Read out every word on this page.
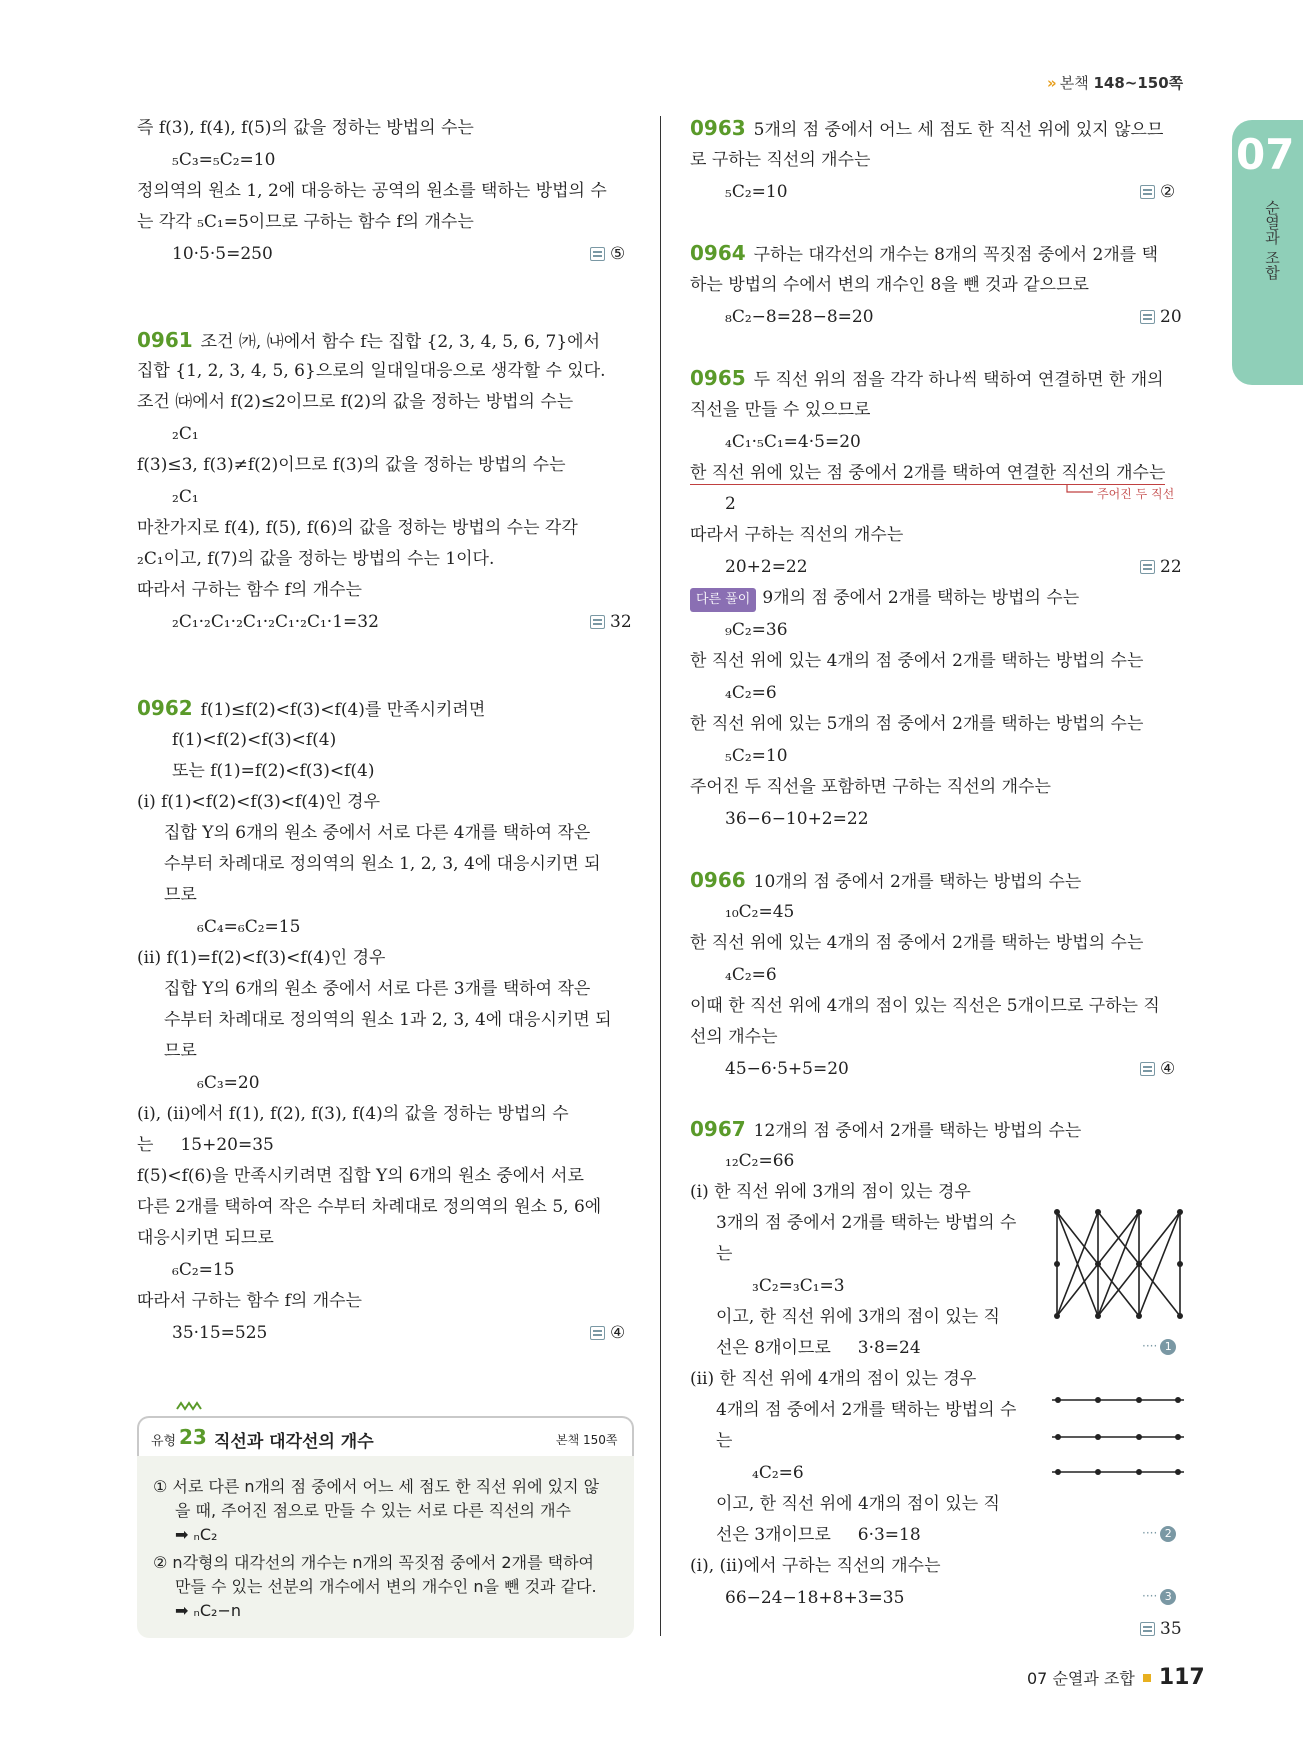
» 본책 148~150쪽
07
순열과 조합
즉 f(3), f(4), f(5)의 값을 정하는 방법의 수는
₅C₃=₅C₂=10
정의역의 원소 1, 2에 대응하는 공역의 원소를 택하는 방법의 수
는 각각 ₅C₁=5이므로 구하는 함수 f의 개수는
10·5·5=250	⑤
0961 조건 ㈎, ㈏에서 함수 f는 집합 {2, 3, 4, 5, 6, 7}에서
집합 {1, 2, 3, 4, 5, 6}으로의 일대일대응으로 생각할 수 있다.
조건 ㈐에서 f(2)≤2이므로 f(2)의 값을 정하는 방법의 수는
₂C₁
f(3)≤3, f(3)≠f(2)이므로 f(3)의 값을 정하는 방법의 수는
₂C₁
마찬가지로 f(4), f(5), f(6)의 값을 정하는 방법의 수는 각각
₂C₁이고, f(7)의 값을 정하는 방법의 수는 1이다.
따라서 구하는 함수 f의 개수는
₂C₁·₂C₁·₂C₁·₂C₁·₂C₁·1=32	32
0962 f(1)≤f(2)<f(3)<f(4)를 만족시키려면
f(1)<f(2)<f(3)<f(4)
또는 f(1)=f(2)<f(3)<f(4)
(ⅰ) f(1)<f(2)<f(3)<f(4)인 경우
집합 Y의 6개의 원소 중에서 서로 다른 4개를 택하여 작은
수부터 차례대로 정의역의 원소 1, 2, 3, 4에 대응시키면 되
므로
₆C₄=₆C₂=15
(ⅱ) f(1)=f(2)<f(3)<f(4)인 경우
집합 Y의 6개의 원소 중에서 서로 다른 3개를 택하여 작은
수부터 차례대로 정의역의 원소 1과 2, 3, 4에 대응시키면 되
므로
₆C₃=20
(ⅰ), (ⅱ)에서 f(1), f(2), f(3), f(4)의 값을 정하는 방법의 수
는     15+20=35
f(5)<f(6)을 만족시키려면 집합 Y의 6개의 원소 중에서 서로
다른 2개를 택하여 작은 수부터 차례대로 정의역의 원소 5, 6에
대응시키면 되므로
₆C₂=15
따라서 구하는 함수 f의 개수는
35·15=525	④
유형 23 직선과 대각선의 개수	본책 150쪽
① 서로 다른 n개의 점 중에서 어느 세 점도 한 직선 위에 있지 않
을 때, 주어진 점으로 만들 수 있는 서로 다른 직선의 개수
➡ ₙC₂
② n각형의 대각선의 개수는 n개의 꼭짓점 중에서 2개를 택하여
만들 수 있는 선분의 개수에서 변의 개수인 n을 뺀 것과 같다.
➡ ₙC₂−n
0963 5개의 점 중에서 어느 세 점도 한 직선 위에 있지 않으므
로 구하는 직선의 개수는
₅C₂=10	②
0964 구하는 대각선의 개수는 8개의 꼭짓점 중에서 2개를 택
하는 방법의 수에서 변의 개수인 8을 뺀 것과 같으므로
₈C₂−8=28−8=20	20
0965 두 직선 위의 점을 각각 하나씩 택하여 연결하면 한 개의
직선을 만들 수 있으므로
₄C₁·₅C₁=4·5=20
한 직선 위에 있는 점 중에서 2개를 택하여 연결한 직선의 개수는
주어진 두 직선
2
따라서 구하는 직선의 개수는
20+2=22	22
다른 풀이 9개의 점 중에서 2개를 택하는 방법의 수는
₉C₂=36
한 직선 위에 있는 4개의 점 중에서 2개를 택하는 방법의 수는
₄C₂=6
한 직선 위에 있는 5개의 점 중에서 2개를 택하는 방법의 수는
₅C₂=10
주어진 두 직선을 포함하면 구하는 직선의 개수는
36−6−10+2=22
0966 10개의 점 중에서 2개를 택하는 방법의 수는
₁₀C₂=45
한 직선 위에 있는 4개의 점 중에서 2개를 택하는 방법의 수는
₄C₂=6
이때 한 직선 위에 4개의 점이 있는 직선은 5개이므로 구하는 직
선의 개수는
45−6·5+5=20	④
0967 12개의 점 중에서 2개를 택하는 방법의 수는
₁₂C₂=66
(ⅰ) 한 직선 위에 3개의 점이 있는 경우
3개의 점 중에서 2개를 택하는 방법의 수
는
₃C₂=₃C₁=3
이고, 한 직선 위에 3개의 점이 있는 직
선은 8개이므로     3·8=24	···· 1
(ⅱ) 한 직선 위에 4개의 점이 있는 경우
4개의 점 중에서 2개를 택하는 방법의 수
는
₄C₂=6
이고, 한 직선 위에 4개의 점이 있는 직
선은 3개이므로     6·3=18	···· 2
(ⅰ), (ⅱ)에서 구하는 직선의 개수는
66−24−18+8+3=35	···· 3
35
07 순열과 조합 117
